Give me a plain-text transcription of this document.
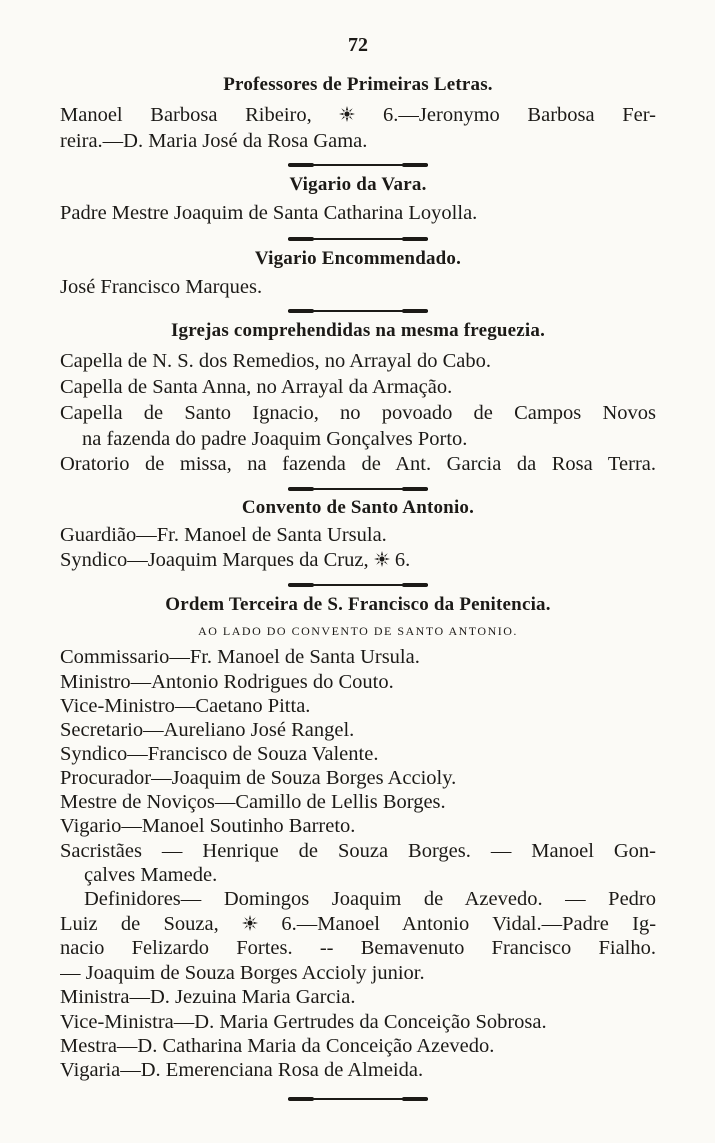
72
Professores de Primeiras Letras.
Manoel Barbosa Ribeiro,	6.—Jeronymo Barbosa Fer-
reira.—D. Maria José da Rosa Gama.
Vigario da Vara.
Padre Mestre Joaquim de Santa Catharina Loyolla.
Vigario Encommendado.
José Francisco Marques.
Igrejas comprehendidas na mesma freguezia.
Capella de N. S. dos Remedios, no Arrayal do Cabo.
Capella de Santa Anna, no Arrayal da Armação.
Capella de Santo Ignacio, no povoado de Campos Novos
na fazenda do padre Joaquim Gonçalves Porto.
Oratorio de missa, na fazenda de Ant. Garcia da Rosa Terra.
Convento de Santo Antonio.
Guardião—Fr. Manoel de Santa Ursula.
Syndico—Joaquim Marques da Cruz, 6.
Ordem Terceira de S. Francisco da Penitencia.
AO LADO DO CONVENTO DE SANTO ANTONIO.
Commissario—Fr. Manoel de Santa Ursula.
Ministro—Antonio Rodrigues do Couto.
Vice-Ministro—Caetano Pitta.
Secretario—Aureliano José Rangel.
Syndico—Francisco de Souza Valente.
Procurador—Joaquim de Souza Borges Accioly.
Mestre de Noviços—Camillo de Lellis Borges.
Vigario—Manoel Soutinho Barreto.
Sacristães — Henrique de Souza Borges. — Manoel Gon-
çalves Mamede.
Definidores— Domingos Joaquim de Azevedo. — Pedro
Luiz de Souza,	6.—Manoel Antonio Vidal.—Padre Ig-
nacio Felizardo Fortes. -- Bemavenuto Francisco Fialho.
— Joaquim de Souza Borges Accioly junior.
Ministra—D. Jezuina Maria Garcia.
Vice-Ministra—D. Maria Gertrudes da Conceição Sobrosa.
Mestra—D. Catharina Maria da Conceição Azevedo.
Vigaria—D. Emerenciana Rosa de Almeida.
